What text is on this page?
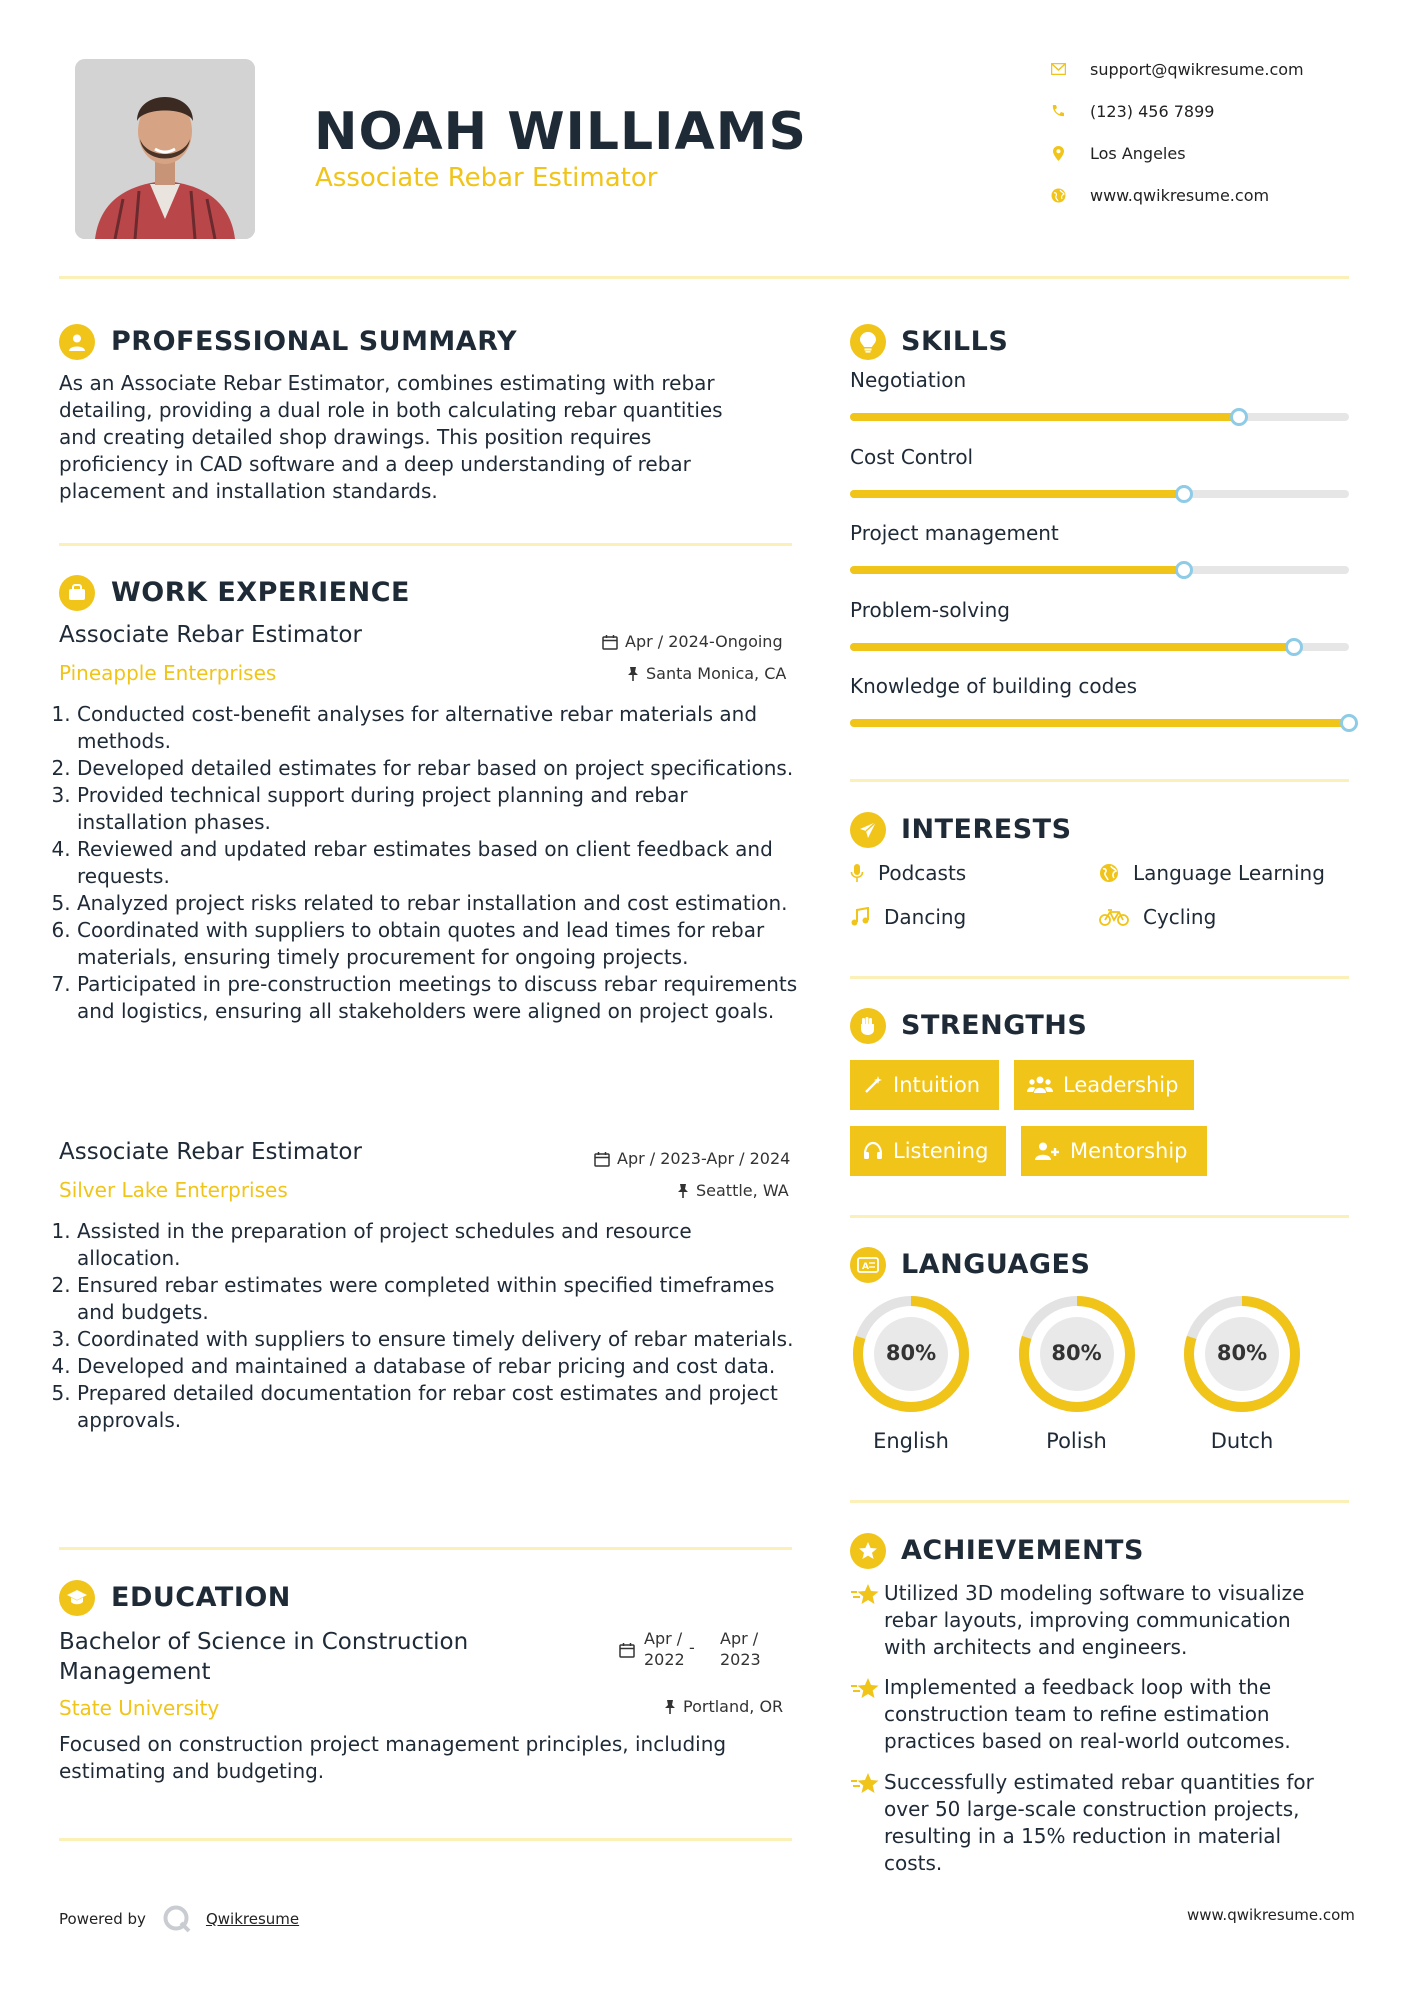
NOAH WILLIAMS
Associate Rebar Estimator
support@qwikresume.com
(123) 456 7899
Los Angeles
www.qwikresume.com
PROFESSIONAL SUMMARY
As an Associate Rebar Estimator, combines estimating with rebar
detailing, providing a dual role in both calculating rebar quantities
and creating detailed shop drawings. This position requires
proficiency in CAD software and a deep understanding of rebar
placement and installation standards.
WORK EXPERIENCE
Associate Rebar Estimator	Apr / 2024-Ongoing
Pineapple Enterprises	Santa Monica, CA
1. Conducted cost-benefit analyses for alternative rebar materials and methods.
2. Developed detailed estimates for rebar based on project specifications.
3. Provided technical support during project planning and rebar installation phases.
4. Reviewed and updated rebar estimates based on client feedback and requests.
5. Analyzed project risks related to rebar installation and cost estimation.
6. Coordinated with suppliers to obtain quotes and lead times for rebar materials, ensuring timely procurement for ongoing projects.
7. Participated in pre-construction meetings to discuss rebar requirements and logistics, ensuring all stakeholders were aligned on project goals.
Associate Rebar Estimator	Apr / 2023-Apr / 2024
Silver Lake Enterprises	Seattle, WA
1. Assisted in the preparation of project schedules and resource allocation.
2. Ensured rebar estimates were completed within specified timeframes and budgets.
3. Coordinated with suppliers to ensure timely delivery of rebar materials.
4. Developed and maintained a database of rebar pricing and cost data.
5. Prepared detailed documentation for rebar cost estimates and project approvals.
EDUCATION
Bachelor of Science in Construction
Management
Apr /
2022
- Apr /
2023
State University	Portland, OR
Focused on construction project management principles, including
estimating and budgeting.
SKILLS
Negotiation
Cost Control
Project management
Problem-solving
Knowledge of building codes
INTERESTS
Podcasts	Language Learning
Dancing	Cycling
STRENGTHS
Intuition	Leadership
Listening	Mentorship
A LANGUAGES
80%
English
80%
Polish
80%
Dutch
ACHIEVEMENTS
Utilized 3D modeling software to visualize
rebar layouts, improving communication
with architects and engineers.
Implemented a feedback loop with the
construction team to refine estimation
practices based on real-world outcomes.
Successfully estimated rebar quantities for
over 50 large-scale construction projects,
resulting in a 15% reduction in material
costs.
Powered by	Qwikresume	www.qwikresume.com
